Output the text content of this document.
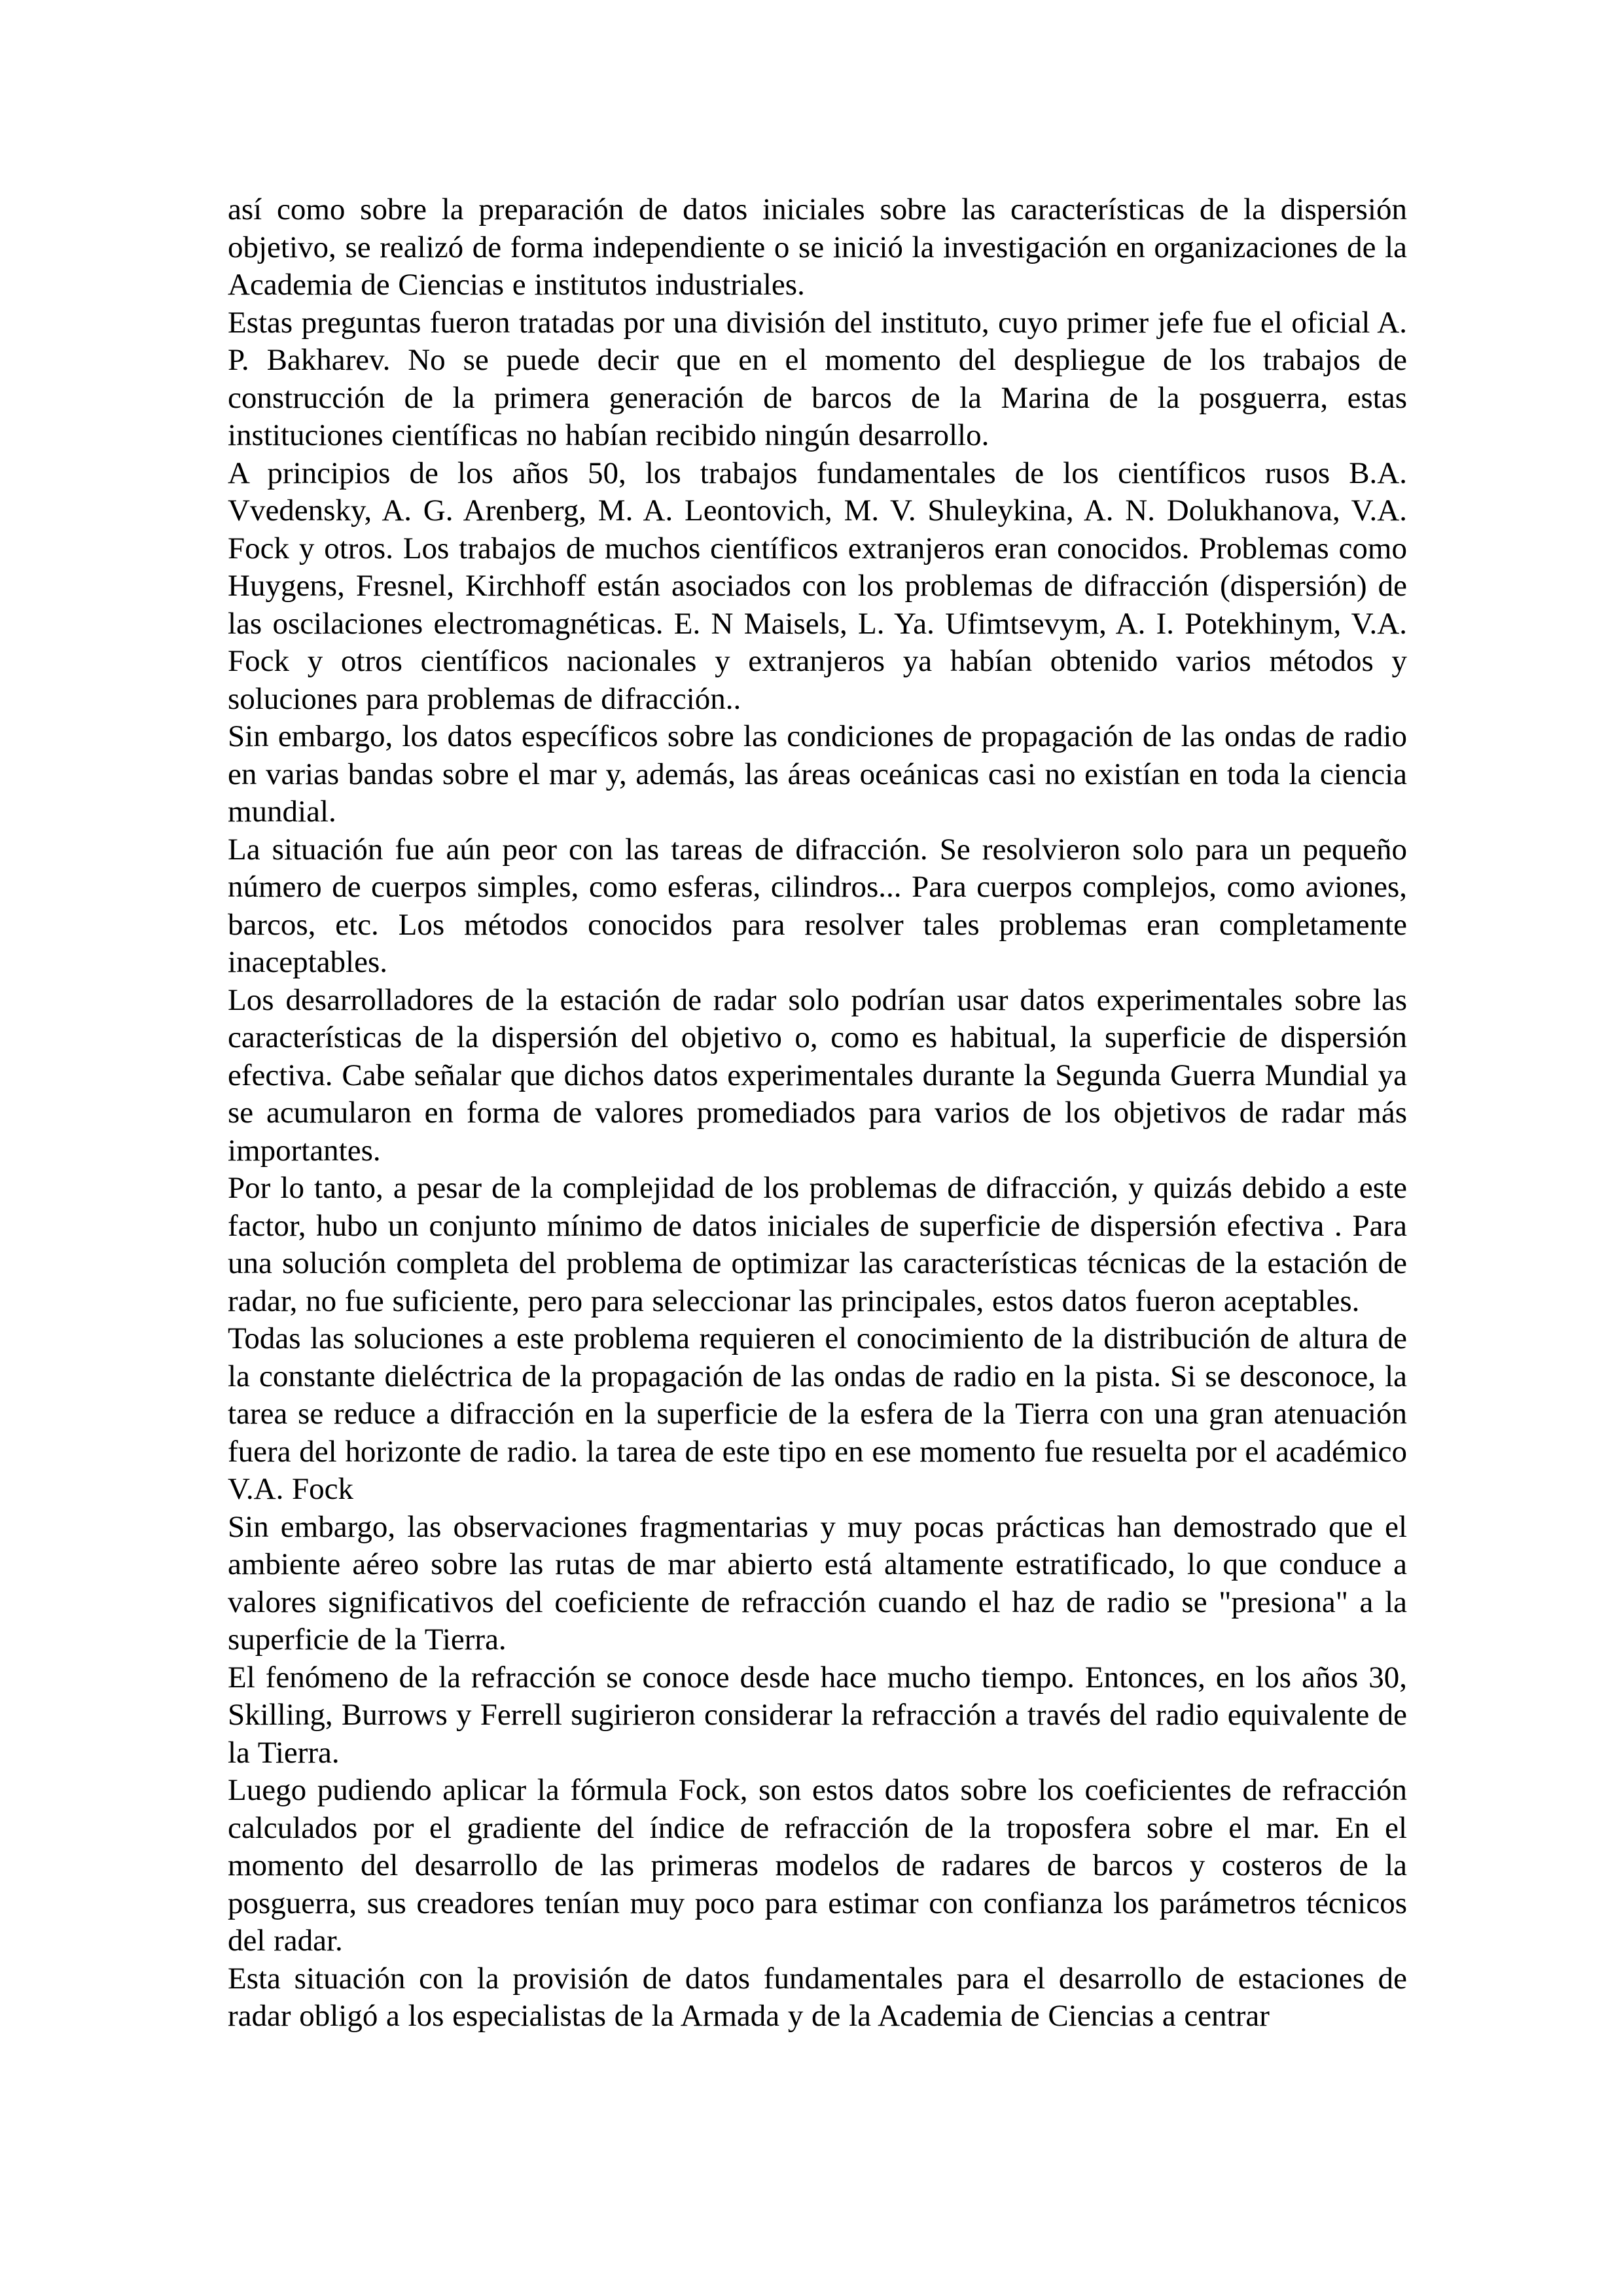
así como sobre la preparación de datos iniciales sobre las características de la dispersión objetivo, se realizó de forma independiente o se inició la investigación en organizaciones de la Academia de Ciencias e institutos industriales.

Estas preguntas fueron tratadas por una división del instituto, cuyo primer jefe fue el oficial A. P. Bakharev. No se puede decir que en el momento del despliegue de los trabajos de construcción de la primera generación de barcos de la Marina de la posguerra, estas instituciones científicas no habían recibido ningún desarrollo.

A principios de los años 50, los trabajos fundamentales de los científicos rusos B.A. Vvedensky, A. G. Arenberg, M. A. Leontovich, M. V. Shuleykina, A. N. Dolukhanova, V.A. Fock y otros. Los trabajos de muchos científicos extranjeros eran conocidos. Problemas como Huygens, Fresnel, Kirchhoff están asociados con los problemas de difracción (dispersión) de las oscilaciones electromagnéticas. E. N Maisels, L. Ya. Ufimtsevym, A. I. Potekhinym, V.A. Fock y otros científicos nacionales y extranjeros ya habían obtenido varios métodos y soluciones para problemas de difracción..

Sin embargo, los datos específicos sobre las condiciones de propagación de las ondas de radio en varias bandas sobre el mar y, además, las áreas oceánicas casi no existían en toda la ciencia mundial.

La situación fue aún peor con las tareas de difracción. Se resolvieron solo para un pequeño número de cuerpos simples, como esferas, cilindros... Para cuerpos complejos, como aviones, barcos, etc. Los métodos conocidos para resolver tales problemas eran completamente inaceptables.

Los desarrolladores de la estación de radar solo podrían usar datos experimentales sobre las características de la dispersión del objetivo o, como es habitual, la superficie de dispersión efectiva. Cabe señalar que dichos datos experimentales durante la Segunda Guerra Mundial ya se acumularon en forma de valores promediados para varios de los objetivos de radar más importantes.

Por lo tanto, a pesar de la complejidad de los problemas de difracción, y quizás debido a este factor, hubo un conjunto mínimo de datos iniciales de superficie de dispersión efectiva . Para una solución completa del problema de optimizar las características técnicas de la estación de radar, no fue suficiente, pero para seleccionar las principales, estos datos fueron aceptables.

Todas las soluciones a este problema requieren el conocimiento de la distribución de altura de la constante dieléctrica de la propagación de las ondas de radio en la pista. Si se desconoce, la tarea se reduce a difracción en la superficie de la esfera de la Tierra con una gran atenuación fuera del horizonte de radio. la tarea de este tipo en ese momento fue resuelta por el académico V.A. Fock

Sin embargo, las observaciones fragmentarias y muy pocas prácticas han demostrado que el ambiente aéreo sobre las rutas de mar abierto está altamente estratificado, lo que conduce a valores significativos del coeficiente de refracción cuando el haz de radio se "presiona" a la superficie de la Tierra.

El fenómeno de la refracción se conoce desde hace mucho tiempo. Entonces, en los años 30, Skilling, Burrows y Ferrell sugirieron considerar la refracción a través del radio equivalente de la Tierra.

Luego pudiendo aplicar la fórmula Fock, son estos datos sobre los coeficientes de refracción calculados por el gradiente del índice de refracción de la troposfera sobre el mar. En el momento del desarrollo de las primeras modelos de radares de barcos y costeros de la posguerra, sus creadores tenían muy poco para estimar con confianza los parámetros técnicos del radar.

Esta situación con la provisión de datos fundamentales para el desarrollo de estaciones de radar obligó a los especialistas de la Armada y de la Academia de Ciencias a centrar
